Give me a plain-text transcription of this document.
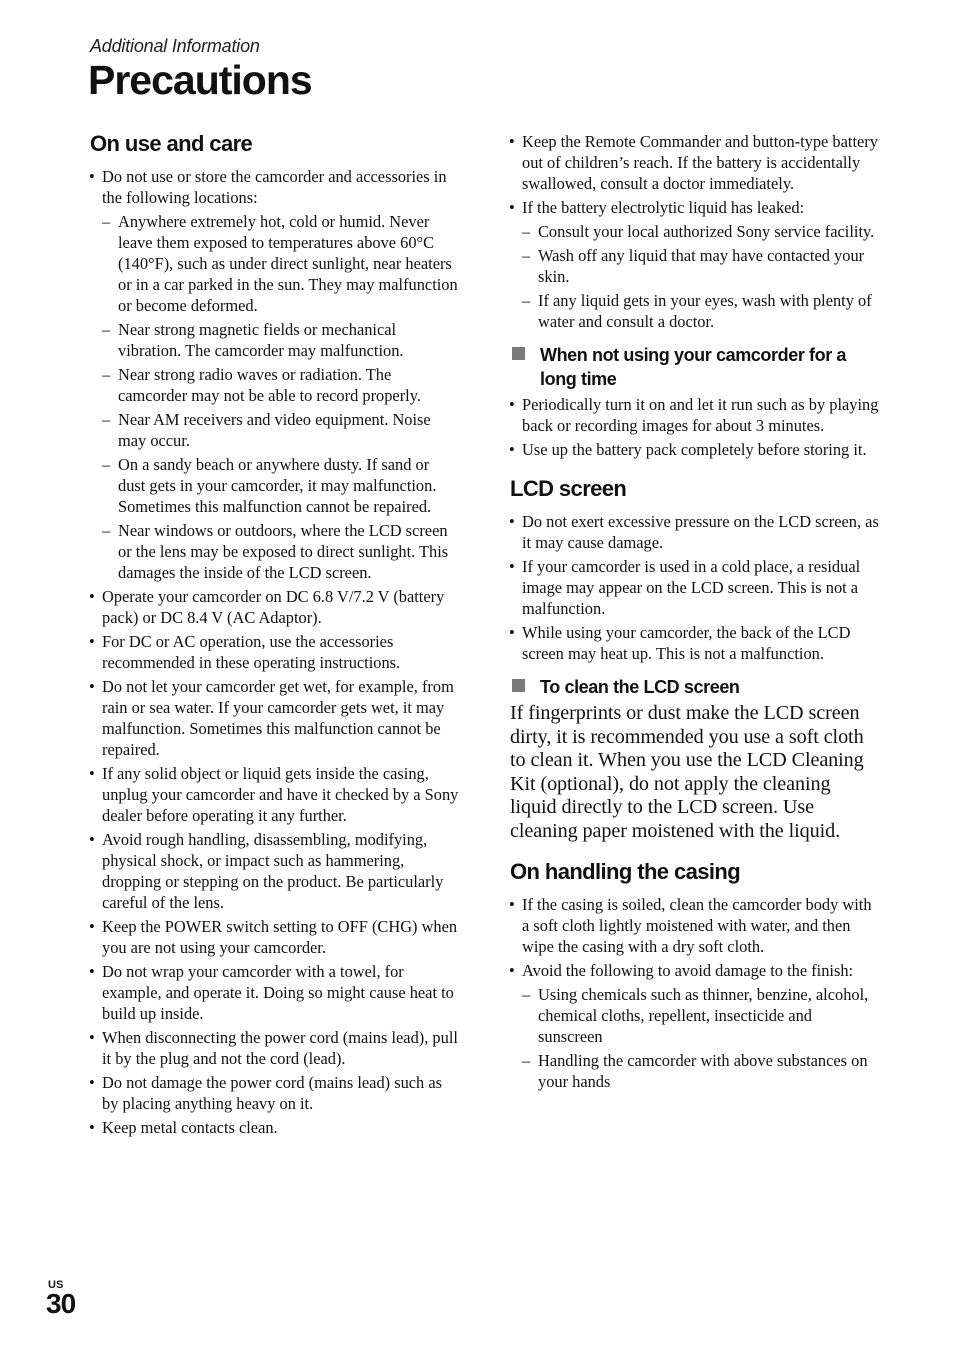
Additional Information
Precautions
On use and care
• Do not use or store the camcorder and accessories in the following locations:
– Anywhere extremely hot, cold or humid. Never leave them exposed to temperatures above 60°C (140°F), such as under direct sunlight, near heaters or in a car parked in the sun. They may malfunction or become deformed.
– Near strong magnetic fields or mechanical vibration. The camcorder may malfunction.
– Near strong radio waves or radiation. The camcorder may not be able to record properly.
– Near AM receivers and video equipment. Noise may occur.
– On a sandy beach or anywhere dusty. If sand or dust gets in your camcorder, it may malfunction. Sometimes this malfunction cannot be repaired.
– Near windows or outdoors, where the LCD screen or the lens may be exposed to direct sunlight. This damages the inside of the LCD screen.
• Operate your camcorder on DC 6.8 V/7.2 V (battery pack) or DC 8.4 V (AC Adaptor).
• For DC or AC operation, use the accessories recommended in these operating instructions.
• Do not let your camcorder get wet, for example, from rain or sea water. If your camcorder gets wet, it may malfunction. Sometimes this malfunction cannot be repaired.
• If any solid object or liquid gets inside the casing, unplug your camcorder and have it checked by a Sony dealer before operating it any further.
• Avoid rough handling, disassembling, modifying, physical shock, or impact such as hammering, dropping or stepping on the product. Be particularly careful of the lens.
• Keep the POWER switch setting to OFF (CHG) when you are not using your camcorder.
• Do not wrap your camcorder with a towel, for example, and operate it. Doing so might cause heat to build up inside.
• When disconnecting the power cord (mains lead), pull it by the plug and not the cord (lead).
• Do not damage the power cord (mains lead) such as by placing anything heavy on it.
• Keep metal contacts clean.
• Keep the Remote Commander and button-type battery out of children’s reach. If the battery is accidentally swallowed, consult a doctor immediately.
• If the battery electrolytic liquid has leaked:
– Consult your local authorized Sony service facility.
– Wash off any liquid that may have contacted your skin.
– If any liquid gets in your eyes, wash with plenty of water and consult a doctor.
When not using your camcorder for a long time
• Periodically turn it on and let it run such as by playing back or recording images for about 3 minutes.
• Use up the battery pack completely before storing it.
LCD screen
• Do not exert excessive pressure on the LCD screen, as it may cause damage.
• If your camcorder is used in a cold place, a residual image may appear on the LCD screen. This is not a malfunction.
• While using your camcorder, the back of the LCD screen may heat up. This is not a malfunction.
To clean the LCD screen

If fingerprints or dust make the LCD screen dirty, it is recommended you use a soft cloth to clean it. When you use the LCD Cleaning Kit (optional), do not apply the cleaning liquid directly to the LCD screen. Use cleaning paper moistened with the liquid.

On handling the casing
• If the casing is soiled, clean the camcorder body with a soft cloth lightly moistened with water, and then wipe the casing with a dry soft cloth.
• Avoid the following to avoid damage to the finish:
– Using chemicals such as thinner, benzine, alcohol, chemical cloths, repellent, insecticide and sunscreen
– Handling the camcorder with above substances on your hands
US
30
